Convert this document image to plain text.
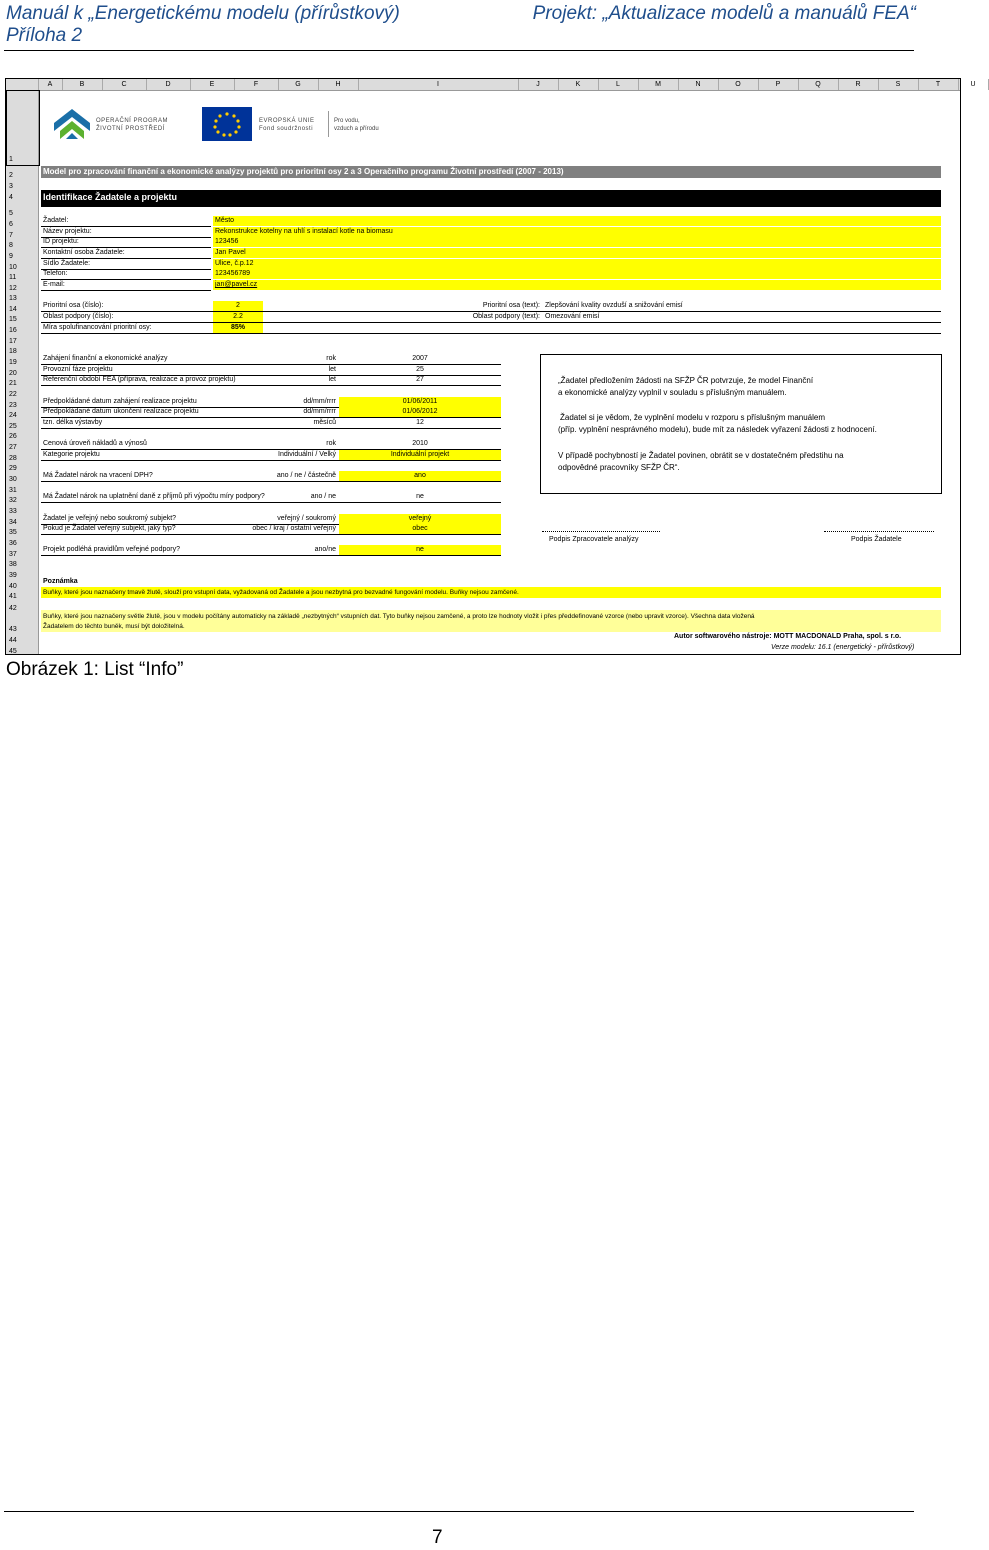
Manuál k „Energetickému modelu (přírůstkový)
Příloha 2
Projekt: „Aktualizace modelů a manuálů FEA“
A	B	C	D	E	F	G	H	I	J	K	L	M	N	O	P	Q	R	S	T	U
1
2
3
4
5
6
7
8
9
10
11
12
13
14
15
16
17
18
19
20
21
22
23
24
25
26
27
28
29
30
31
32
33
34
35
36
37
38
39
40
41
42
43
44
45
OPERAČNÍ PROGRAM
ŽIVOTNÍ PROSTŘEDÍ
EVROPSKÁ UNIE
Fond soudržnosti
Pro vodu,
vzduch a přírodu
Model pro zpracování finanční a ekonomické analýzy projektů pro prioritní osy 2 a 3 Operačního programu Životní prostředí (2007 - 2013)
Identifikace Žadatele a projektu
Žadatel:	Město
Název projektu:	Rekonstrukce kotelny na uhlí s instalací kotle na biomasu
ID projektu:	123456
Kontaktní osoba Žadatele:	Jan Pavel
Sídlo Žadatele:	Ulice, č.p.12
Telefon:	123456789
E-mail:	jan@pavel.cz
Prioritní osa (číslo):	2	Prioritní osa (text): Zlepšování kvality ovzduší a snižování emisí
Oblast podpory (číslo):	2.2	Oblast podpory (text): Omezování emisí
Míra spolufinancování prioritní osy:	85%
Zahájení finanční a ekonomické analýzy	rok	2007
Provozní fáze projektu	let	25
Referenční období FEA (příprava, realizace a provoz projektu)	let	27
Předpokládané datum zahájení realizace projektu	dd/mm/rrrr	01/06/2011
Předpokládané datum ukončení realizace projektu	dd/mm/rrrr	01/06/2012
tzn. délka výstavby	měsíců	12
Cenová úroveň nákladů a výnosů	rok	2010
Kategorie projektu	Individuální / Velký	Individuální projekt
Má Žadatel nárok na vracení DPH?	ano / ne / částečně	ano
Má Žadatel nárok na uplatnění daně z příjmů při výpočtu míry podpory?	ano / ne	ne
Žadatel je veřejný nebo soukromý subjekt?	veřejný / soukromý	veřejný
Pokud je Žadatel veřejný subjekt, jaký typ?	obec / kraj / ostatní veřejný	obec
Projekt podléhá pravidlům veřejné podpory?	ano/ne	ne
„Žadatel předložením žádosti na SFŽP ČR potvrzuje, že model Finanční
a ekonomické analýzy vyplnil v souladu s příslušným manuálem.
Žadatel si je vědom, že vyplnění modelu v rozporu s příslušným manuálem
(příp. vyplnění nesprávného modelu), bude mít za následek vyřazení žádosti z hodnocení.
V případě pochybností je Žadatel povinen, obrátit se v dostatečném předstihu na
odpovědné pracovníky SFŽP ČR“.
Podpis Zpracovatele analýzy	Podpis Žadatele
Poznámka
Buňky, které jsou naznačeny tmavě žlutě, slouží pro vstupní data, vyžadovaná od Žadatele a jsou nezbytná pro bezvadné fungování modelu. Buňky nejsou zamčené.
Buňky, které jsou naznačeny světle žlutě, jsou v modelu počítány automaticky na základě „nezbytných“ vstupních dat. Tyto buňky nejsou zamčené, a proto lze hodnoty vložit i přes předdefinované vzorce (nebo upravit vzorce). Všechna data vložená
Žadatelem do těchto buněk, musí být doložitelná.
Autor softwarového nástroje: MOTT MACDONALD Praha, spol. s r.o.
Verze modelu: 16.1 (energetický - přírůstkový)
Obrázek 1: List “Info”
7
